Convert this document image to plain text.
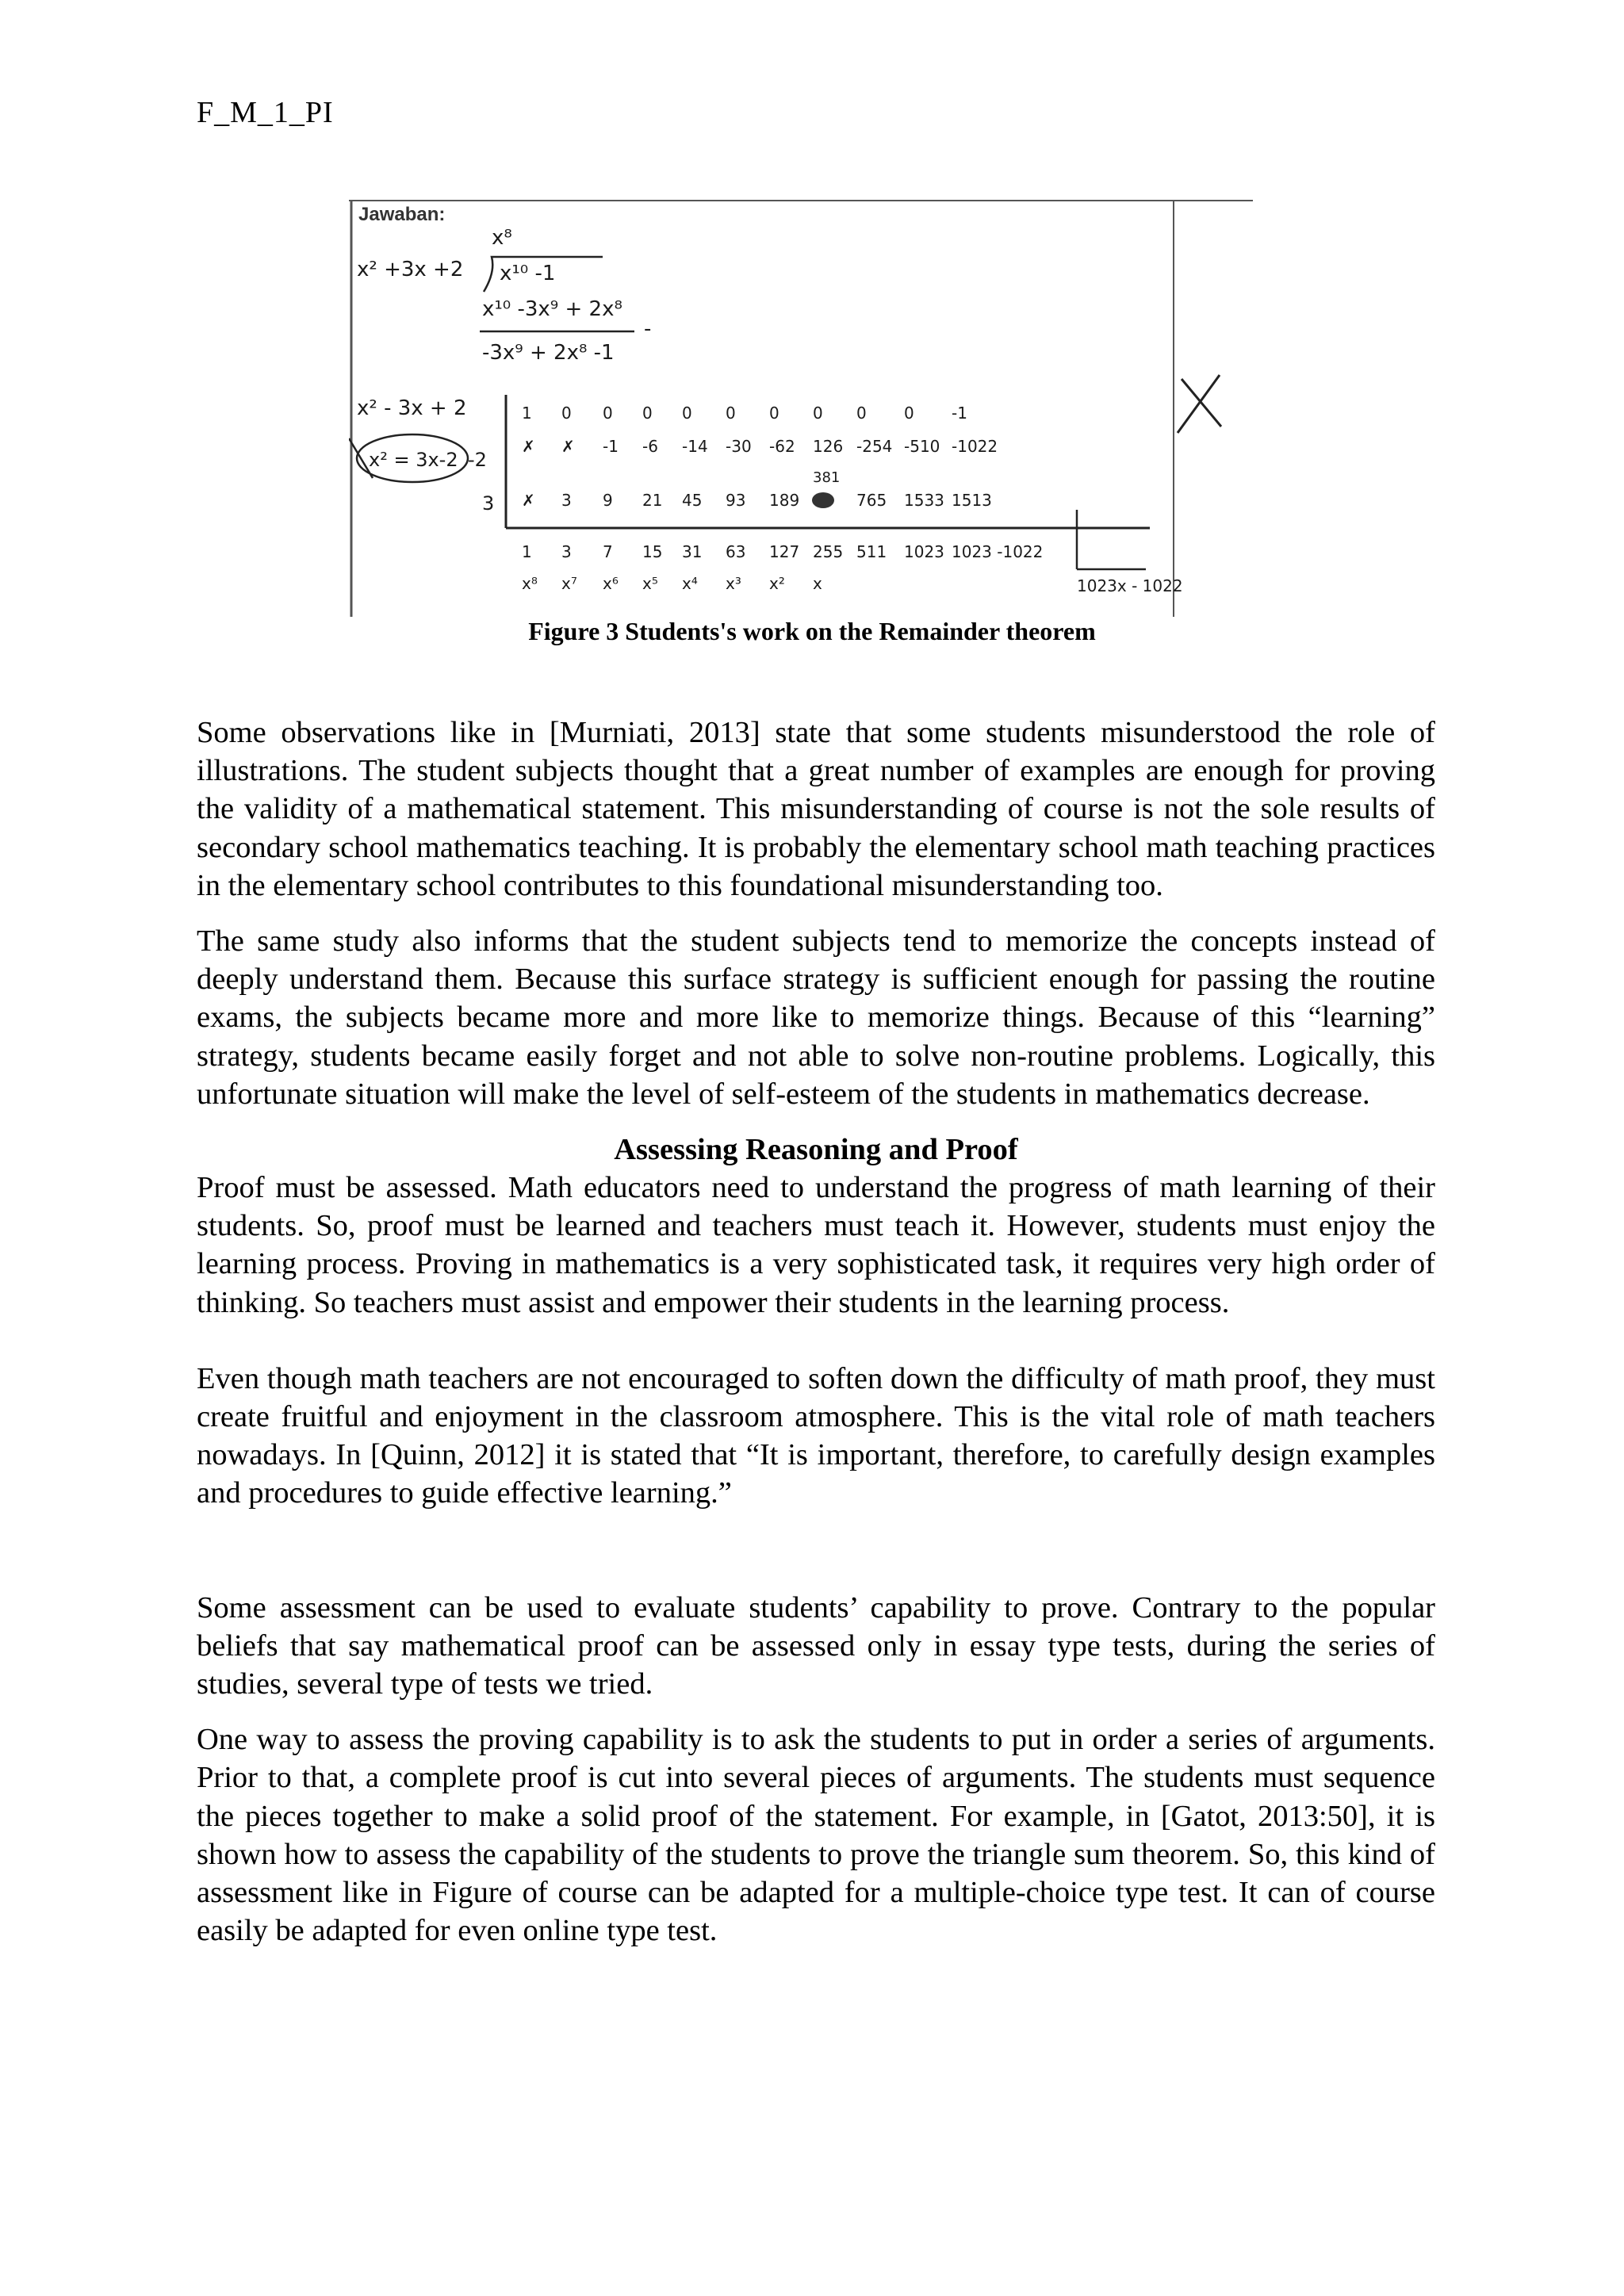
F_M_1_PI
Jawaban:
x⁸
x² +3x +2 x¹⁰ -1
x¹⁰ -3x⁹ + 2x⁸
-
-3x⁹ + 2x⁸ -1
x² - 3x + 2
x² = 3x-2 -2
3
1 0 0 0 0 0 0 0 0 0 -1
✗ ✗ -1 -6 -14 -30 -62 126 -254 -510 -1022
✗ 3 9 21 45 93 189	765 1533 1513
1 3 7 15 31 63 127 255 511 1023 1023 -1022
x⁸ x⁷ x⁶ x⁵ x⁴ x³ x² x
381
1023x - 1022
Figure 3 Students's work on the Remainder theorem

Some observations like in [Murniati, 2013] state that some students misunderstood the role of illustrations. The student subjects thought that a great number of examples are enough for proving the validity of a mathematical statement. This misunderstanding of course is not the sole results of secondary school mathematics teaching. It is probably the elementary school math teaching practices in the elementary school contributes to this foundational misunderstanding too.

The same study also informs that the student subjects tend to memorize the concepts instead of deeply understand them. Because this surface strategy is sufficient enough for passing the routine exams, the subjects became more and more like to memorize things. Because of this “learning” strategy, students became easily forget and not able to solve non-routine problems. Logically, this unfortunate situation will make the level of self-esteem of the students in mathematics decrease.

Assessing Reasoning and Proof

Proof must be assessed. Math educators need to understand the progress of math learning of their students. So, proof must be learned and teachers must teach it. However, students must enjoy the learning process. Proving in mathematics is a very sophisticated task, it requires very high order of thinking. So teachers must assist and empower their students in the learning process.

Even though math teachers are not encouraged to soften down the difficulty of math proof, they must create fruitful and enjoyment in the classroom atmosphere. This is the vital role of math teachers nowadays. In [Quinn, 2012] it is stated that “It is important, therefore, to carefully design examples and procedures to guide effective learning.”

Some assessment can be used to evaluate students’ capability to prove. Contrary to the popular beliefs that say mathematical proof can be assessed only in essay type tests, during the series of studies, several type of tests we tried.

One way to assess the proving capability is to ask the students to put in order a series of arguments. Prior to that, a complete proof is cut into several pieces of arguments. The students must sequence the pieces together to make a solid proof of the statement. For example, in [Gatot, 2013:50], it is shown how to assess the capability of the students to prove the triangle sum theorem. So, this kind of assessment like in Figure of course can be adapted for a multiple-choice type test. It can of course easily be adapted for even online type test.
